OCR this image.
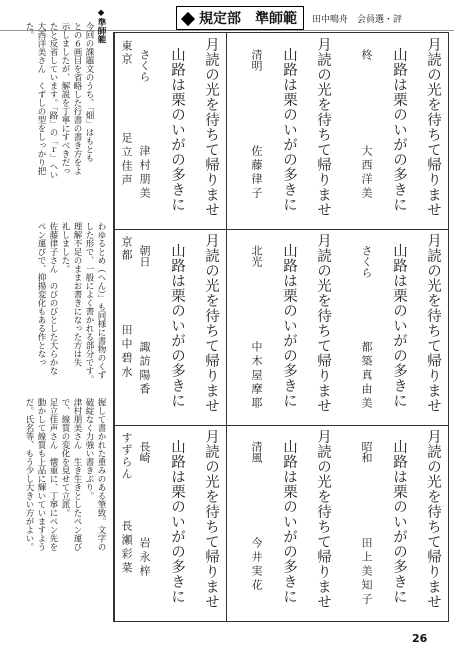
規定部　準師範	田中鳴舟　会員選・評
◆準師範
今回の課題文のうち、「畑」はもとも
との６画目を省略した行書の書き方をよ
示しましたが、解説を丁寧にすべきだっ
たと反省しています。「路」の「ｒ」へい
大西洋美さん　くずしの型をしっかり把
た。
わゆるとめ（へん）」も同様に書物のくず
した形で、一般によく書かれる部分です。
理解不足のままお書きになった方は失
礼しました。
佐藤律子さん　のびのびとした大らかな
ペン運びで、抑揚変化もある作となっ
握して書かれた重みのある筆致。文字の
破綻なく力強い書きぶり。
津村朋美さん　生き生きとしたペン運び
で、線質の変化を見せて立派。
足立佳声さん　懐重に、丁寧にペン先を
動かして線質も上品に輝いていますよう
だ。氏名等、もう少し大きい方がよい。
月読の光を待ちて帰りませ
山路は栗のいがの多きに
柊
大西洋美
月読の光を待ちて帰りませ
山路は栗のいがの多きに
清明
佐藤律子
月読の光を待ちて帰りませ
山路は栗のいがの多きに
さくら
津村朋美
月読の光を待ちて帰りませ
山路は栗のいがの多きに
さくら
都築真由美
月読の光を待ちて帰りませ
山路は栗のいがの多きに
北光
中木屋摩耶
月読の光を待ちて帰りませ
山路は栗のいがの多きに
朝日
諏訪陽香
月読の光を待ちて帰りませ
山路は栗のいがの多きに
昭和
田上美知子
月読の光を待ちて帰りませ
山路は栗のいがの多きに
清風
今井実花
月読の光を待ちて帰りませ
山路は栗のいがの多きに
長崎
岩永梓
東京
足立佳声
京都
田中碧水
すずらん
長瀬彩菜
26
